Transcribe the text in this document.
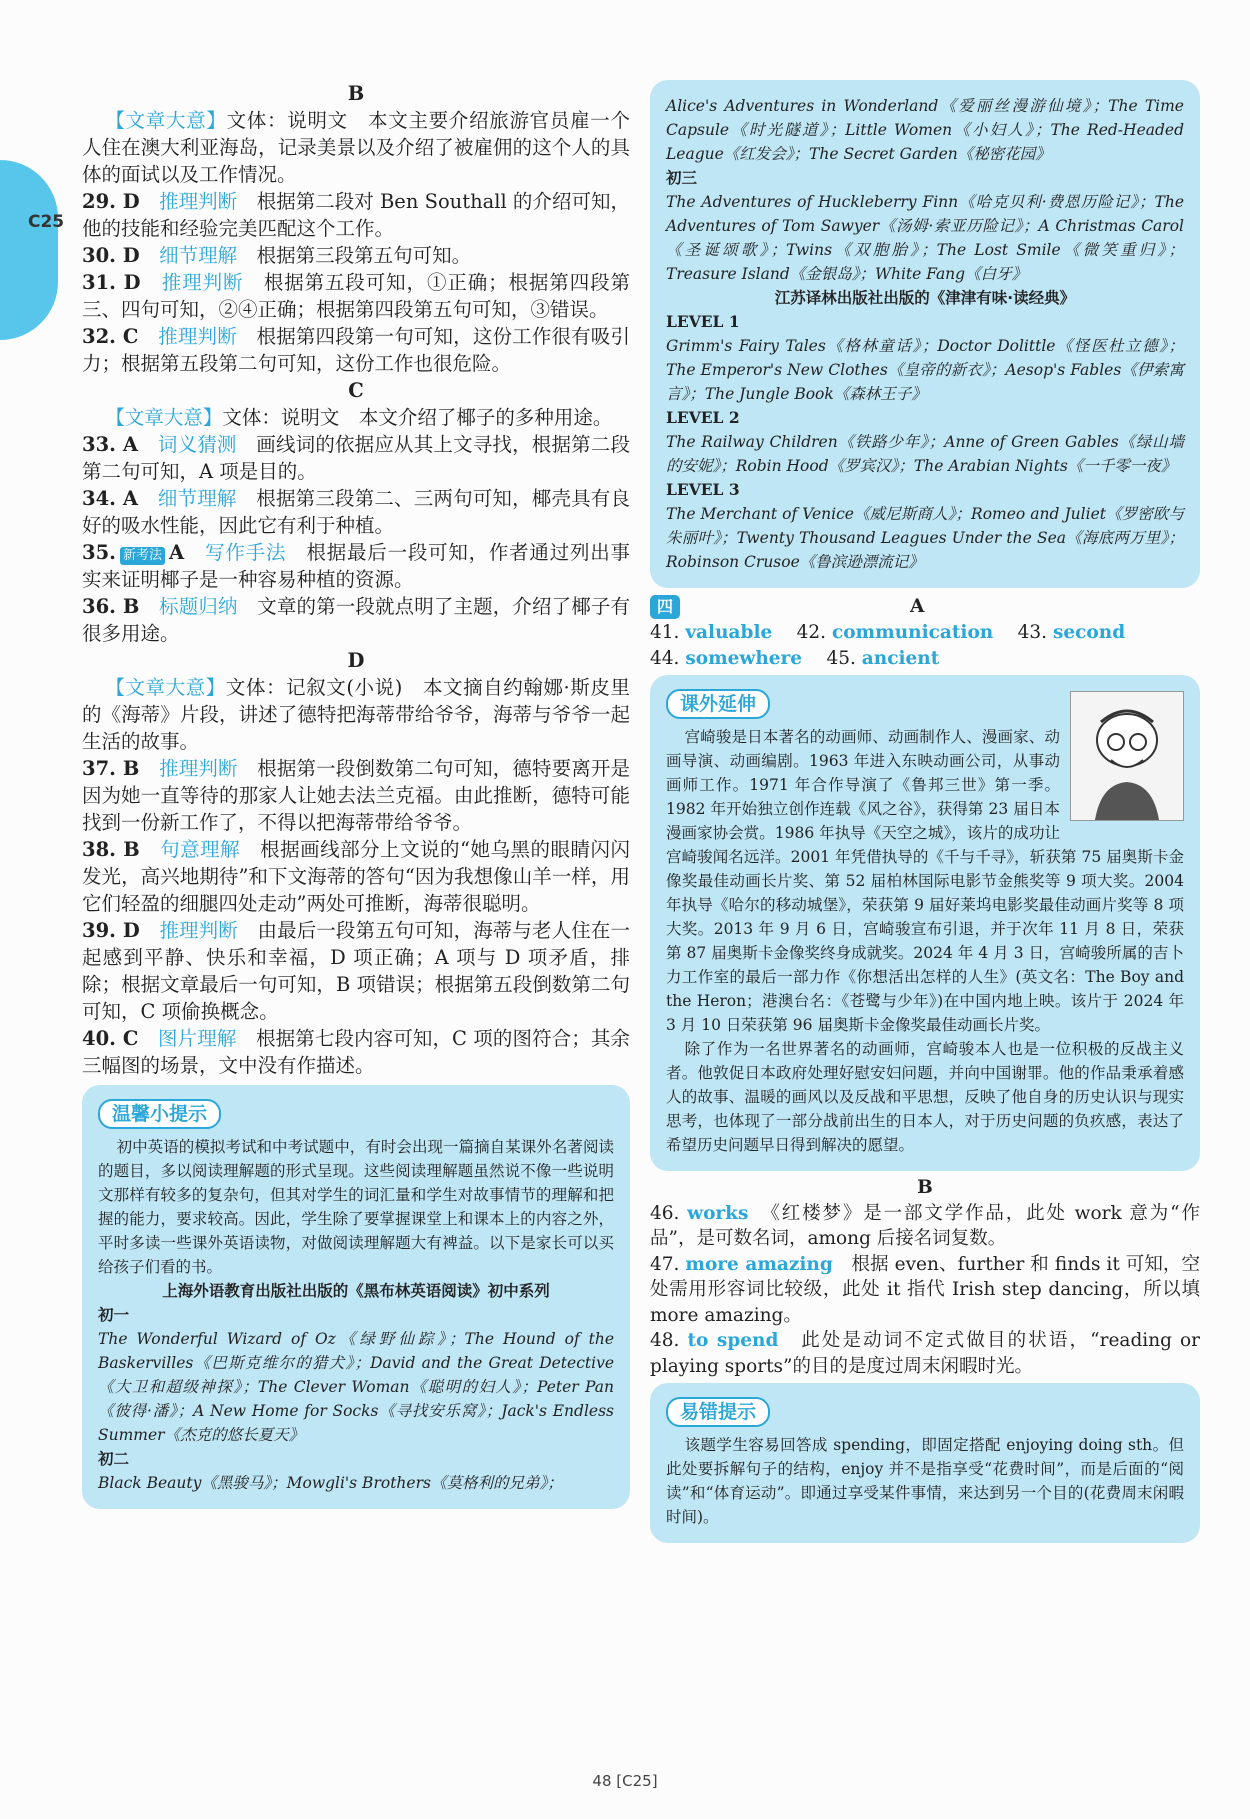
C25
B

【文章大意】文体：说明文　本文主要介绍旅游官员雇一个人住在澳大利亚海岛，记录美景以及介绍了被雇佣的这个人的具体的面试以及工作情况。

29. D　 推理判断　 根据第二段对 Ben Southall 的介绍可知，他的技能和经验完美匹配这个工作。

30. D　 细节理解　 根据第三段第五句可知。

31. D　 推理判断　 根据第五段可知，①正确；根据第四段第三、四句可知，②④正确；根据第四段第五句可知，③错误。

32. C　 推理判断　 根据第四段第一句可知，这份工作很有吸引力；根据第五段第二句可知，这份工作也很危险。

C

【文章大意】文体：说明文　本文介绍了椰子的多种用途。

33. A　 词义猜测　 画线词的依据应从其上文寻找，根据第二段第二句可知，A 项是目的。

34. A　 细节理解　 根据第三段第二、三两句可知，椰壳具有良好的吸水性能，因此它有利于种植。

35. 新考法 A　 写作手法　 根据最后一段可知，作者通过列出事实来证明椰子是一种容易种植的资源。

36. B　 标题归纳　 文章的第一段就点明了主题，介绍了椰子有很多用途。

D

【文章大意】文体：记叙文(小说)　本文摘自约翰娜·斯皮里的《海蒂》片段，讲述了德特把海蒂带给爷爷，海蒂与爷爷一起生活的故事。

37. B　 推理判断　 根据第一段倒数第二句可知，德特要离开是因为她一直等待的那家人让她去法兰克福。由此推断，德特可能找到一份新工作了，不得以把海蒂带给爷爷。

38. B　 句意理解　 根据画线部分上文说的“她乌黑的眼睛闪闪发光，高兴地期待”和下文海蒂的答句“因为我想像山羊一样，用它们轻盈的细腿四处走动”两处可推断，海蒂很聪明。

39. D　 推理判断　 由最后一段第五句可知，海蒂与老人住在一起感到平静、快乐和幸福，D 项正确；A 项与 D 项矛盾，排除；根据文章最后一句可知，B 项错误；根据第五段倒数第二句可知，C 项偷换概念。

40. C　 图片理解　 根据第七段内容可知，C 项的图符合；其余三幅图的场景，文中没有作描述。

温馨小提示

初中英语的模拟考试和中考试题中，有时会出现一篇摘自某课外名著阅读的题目，多以阅读理解题的形式呈现。这些阅读理解题虽然说不像一些说明文那样有较多的复杂句，但其对学生的词汇量和学生对故事情节的理解和把握的能力，要求较高。因此，学生除了要掌握课堂上和课本上的内容之外，平时多读一些课外英语读物，对做阅读理解题大有裨益。以下是家长可以买给孩子们看的书。

上海外语教育出版社出版的《黑布林英语阅读》初中系列
初一

The Wonderful Wizard of Oz《绿野仙踪》；The Hound of the Baskervilles《巴斯克维尔的猎犬》；David and the Great Detective《大卫和超级神探》；The Clever Woman《聪明的妇人》；Peter Pan《彼得·潘》；A New Home for Socks《寻找安乐窝》；Jack's Endless Summer《杰克的悠长夏天》

初二

Black Beauty《黑骏马》；Mowgli's Brothers《莫格利的兄弟》；

Alice's Adventures in Wonderland《爱丽丝漫游仙境》；The Time Capsule《时光隧道》；Little Women《小妇人》；The Red-Headed League《红发会》；The Secret Garden《秘密花园》

初三

The Adventures of Huckleberry Finn《哈克贝利·费恩历险记》；The Adventures of Tom Sawyer《汤姆·索亚历险记》；A Christmas Carol《圣诞颂歌》；Twins《双胞胎》；The Lost Smile《微笑重归》；Treasure Island《金银岛》；White Fang《白牙》

江苏译林出版社出版的《津津有味·读经典》
LEVEL 1

Grimm's Fairy Tales《格林童话》；Doctor Dolittle《怪医杜立德》；The Emperor's New Clothes《皇帝的新衣》；Aesop's Fables《伊索寓言》；The Jungle Book《森林王子》

LEVEL 2

The Railway Children《铁路少年》；Anne of Green Gables《绿山墙的安妮》；Robin Hood《罗宾汉》；The Arabian Nights《一千零一夜》

LEVEL 3

The Merchant of Venice《威尼斯商人》；Romeo and Juliet《罗密欧与朱丽叶》；Twenty Thousand Leagues Under the Sea《海底两万里》；Robinson Crusoe《鲁滨逊漂流记》

四	A
41. valuable　 42. communication　 43. second
44. somewhere　 45. ancient
课外延伸

宫崎骏是日本著名的动画师、动画制作人、漫画家、动画导演、动画编剧。1963 年进入东映动画公司，从事动画师工作。1971 年合作导演了《鲁邦三世》第一季。1982 年开始独立创作连载《风之谷》，获得第 23 届日本漫画家协会赏。1986 年执导《天空之城》，该片的成功让宫崎骏闻名远洋。2001 年凭借执导的《千与千寻》，斩获第 75 届奥斯卡金像奖最佳动画长片奖、第 52 届柏林国际电影节金熊奖等 9 项大奖。2004 年执导《哈尔的移动城堡》，荣获第 9 届好莱坞电影奖最佳动画片奖等 8 项大奖。2013 年 9 月 6 日，宫崎骏宣布引退，并于次年 11 月 8 日，荣获第 87 届奥斯卡金像奖终身成就奖。2024 年 4 月 3 日，宫崎骏所属的吉卜力工作室的最后一部力作《你想活出怎样的人生》(英文名：The Boy and the Heron；港澳台名：《苍鹭与少年》)在中国内地上映。该片于 2024 年 3 月 10 日荣获第 96 届奥斯卡金像奖最佳动画长片奖。

除了作为一名世界著名的动画师，宫崎骏本人也是一位积极的反战主义者。他敦促日本政府处理好慰安妇问题，并向中国谢罪。他的作品秉承着感人的故事、温暖的画风以及反战和平思想，反映了他自身的历史认识与现实思考，也体现了一部分战前出生的日本人，对于历史问题的负疚感，表达了希望历史问题早日得到解决的愿望。

B

46. works　 《红楼梦》是一部文学作品，此处 work 意为“作品”，是可数名词，among 后接名词复数。

47. more amazing　 根据 even、further 和 finds it 可知，空处需用形容词比较级，此处 it 指代 Irish step dancing，所以填 more amazing。

48. to spend　 此处是动词不定式做目的状语，“reading or playing sports”的目的是度过周末闲暇时光。

易错提示

该题学生容易回答成 spending，即固定搭配 enjoying doing sth。但此处要拆解句子的结构，enjoy 并不是指享受“花费时间”，而是后面的“阅读”和“体育运动”。即通过享受某件事情，来达到另一个目的(花费周末闲暇时间)。

48 [C25]
